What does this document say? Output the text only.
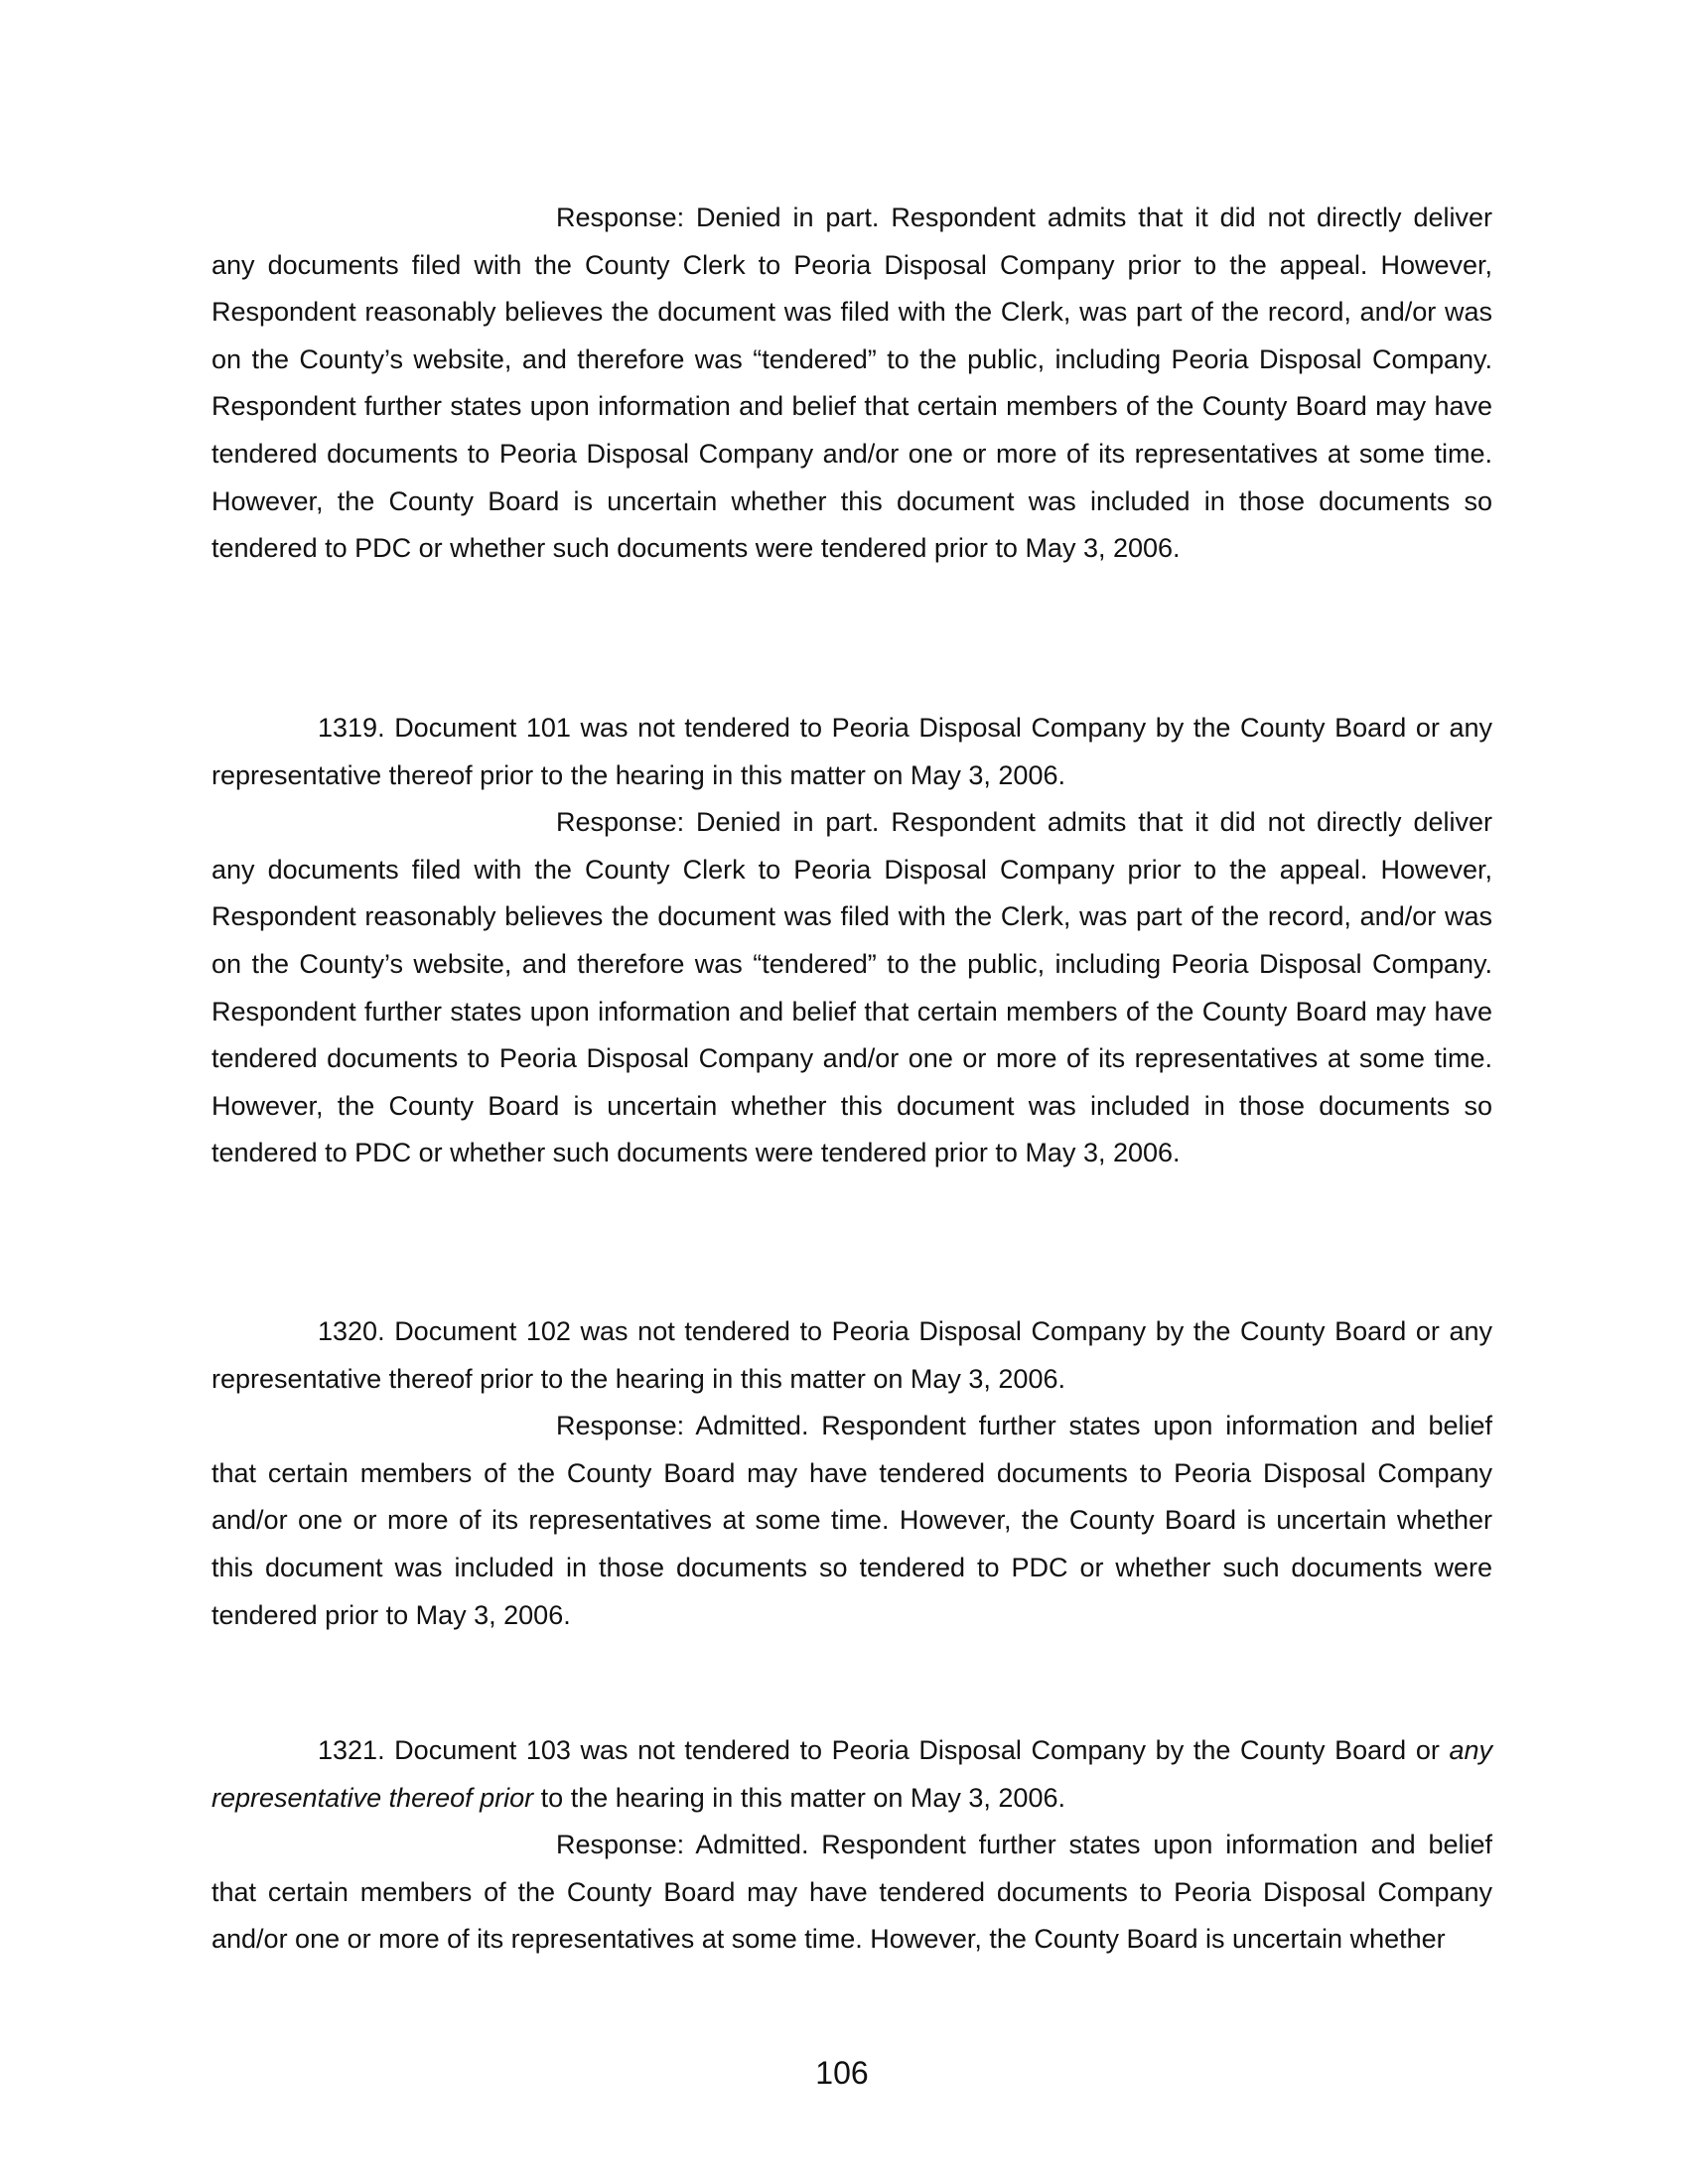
Response: Denied in part. Respondent admits that it did not directly deliver any documents filed with the County Clerk to Peoria Disposal Company prior to the appeal. However, Respondent reasonably believes the document was filed with the Clerk, was part of the record, and/or was on the County’s website, and therefore was “tendered” to the public, including Peoria Disposal Company. Respondent further states upon information and belief that certain members of the County Board may have tendered documents to Peoria Disposal Company and/or one or more of its representatives at some time. However, the County Board is uncertain whether this document was included in those documents so tendered to PDC or whether such documents were tendered prior to May 3, 2006.

1319. Document 101 was not tendered to Peoria Disposal Company by the County Board or any representative thereof prior to the hearing in this matter on May 3, 2006.

Response: Denied in part. Respondent admits that it did not directly deliver any documents filed with the County Clerk to Peoria Disposal Company prior to the appeal. However, Respondent reasonably believes the document was filed with the Clerk, was part of the record, and/or was on the County’s website, and therefore was “tendered” to the public, including Peoria Disposal Company. Respondent further states upon information and belief that certain members of the County Board may have tendered documents to Peoria Disposal Company and/or one or more of its representatives at some time. However, the County Board is uncertain whether this document was included in those documents so tendered to PDC or whether such documents were tendered prior to May 3, 2006.

1320. Document 102 was not tendered to Peoria Disposal Company by the County Board or any representative thereof prior to the hearing in this matter on May 3, 2006.

Response: Admitted. Respondent further states upon information and belief that certain members of the County Board may have tendered documents to Peoria Disposal Company and/or one or more of its representatives at some time. However, the County Board is uncertain whether this document was included in those documents so tendered to PDC or whether such documents were tendered prior to May 3, 2006.

1321. Document 103 was not tendered to Peoria Disposal Company by the County Board or any representative thereof prior to the hearing in this matter on May 3, 2006.

Response: Admitted. Respondent further states upon information and belief that certain members of the County Board may have tendered documents to Peoria Disposal Company and/or one or more of its representatives at some time. However, the County Board is uncertain whether

106
